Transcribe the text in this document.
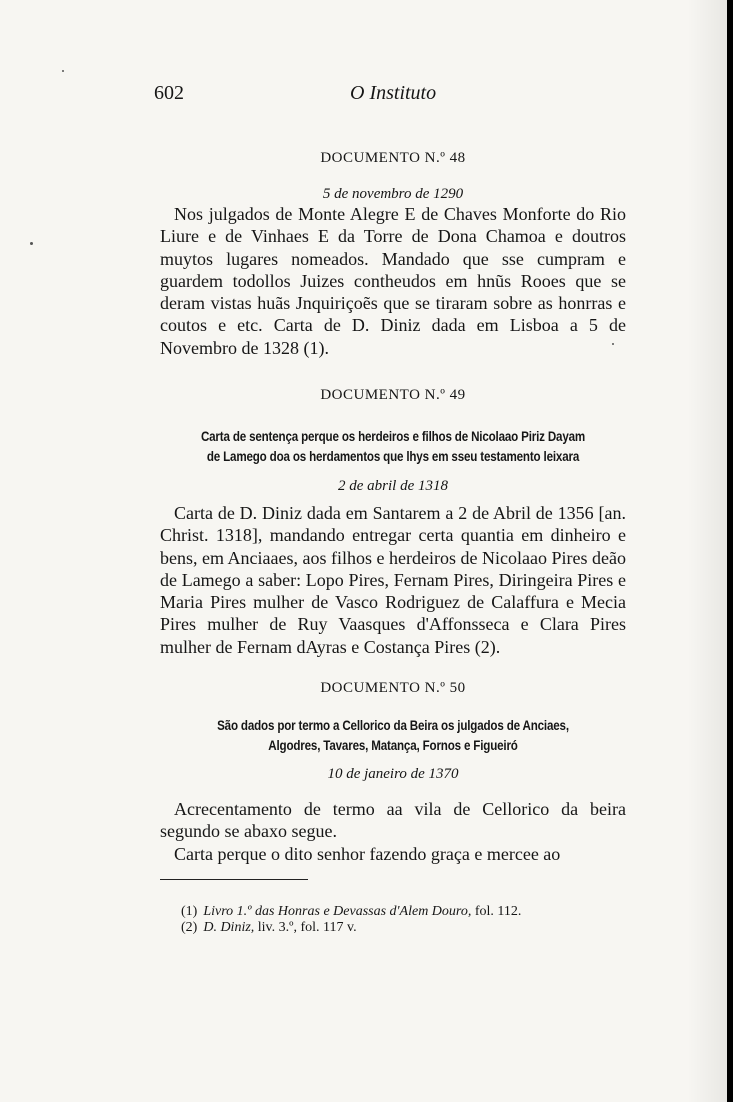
602	O Instituto
DOCUMENTO N.º 48
5 de novembro de 1290

Nos julgados de Monte Alegre E de Chaves Monforte do Rio Liure e de Vinhaes E da Torre de Dona Chamoa e doutros muytos lugares nomeados. Mandado que sse cumpram e guardem todollos Juizes contheudos em hnũs Rooes que se deram vistas huãs Jnquiriçoẽs que se tiraram sobre as honrras e coutos e etc. Carta de D. Diniz dada em Lisboa a 5 de Novembro de 1328 (1).

DOCUMENTO N.º 49
Carta de sentença perque os herdeiros e filhos de Nicolaao Piriz Dayam
de Lamego doa os herdamentos que lhys em sseu testamento leixara
2 de abril de 1318

Carta de D. Diniz dada em Santarem a 2 de Abril de 1356 [an. Christ. 1318], mandando entregar certa quantia em dinheiro e bens, em Anciaaes, aos filhos e herdeiros de Nicolaao Pires deão de Lamego a saber: Lopo Pires, Fernam Pires, Diringeira Pires e Maria Pires mulher de Vasco Rodriguez de Calaffura e Mecia Pires mulher de Ruy Vaasques d'Affonsseca e Clara Pires mulher de Fernam dAyras e Costança Pires (2).

DOCUMENTO N.º 50
São dados por termo a Cellorico da Beira os julgados de Anciaes,
Algodres, Tavares, Matança, Fornos e Figueiró
10 de janeiro de 1370
Acrecentamento de termo aa vila de Cellorico da beira segundo se abaxo segue.
Carta perque o dito senhor fazendo graça e mercee ao
(1) Livro 1.º das Honras e Devassas d'Alem Douro, fol. 112.
(2) D. Diniz, liv. 3.º, fol. 117 v.
